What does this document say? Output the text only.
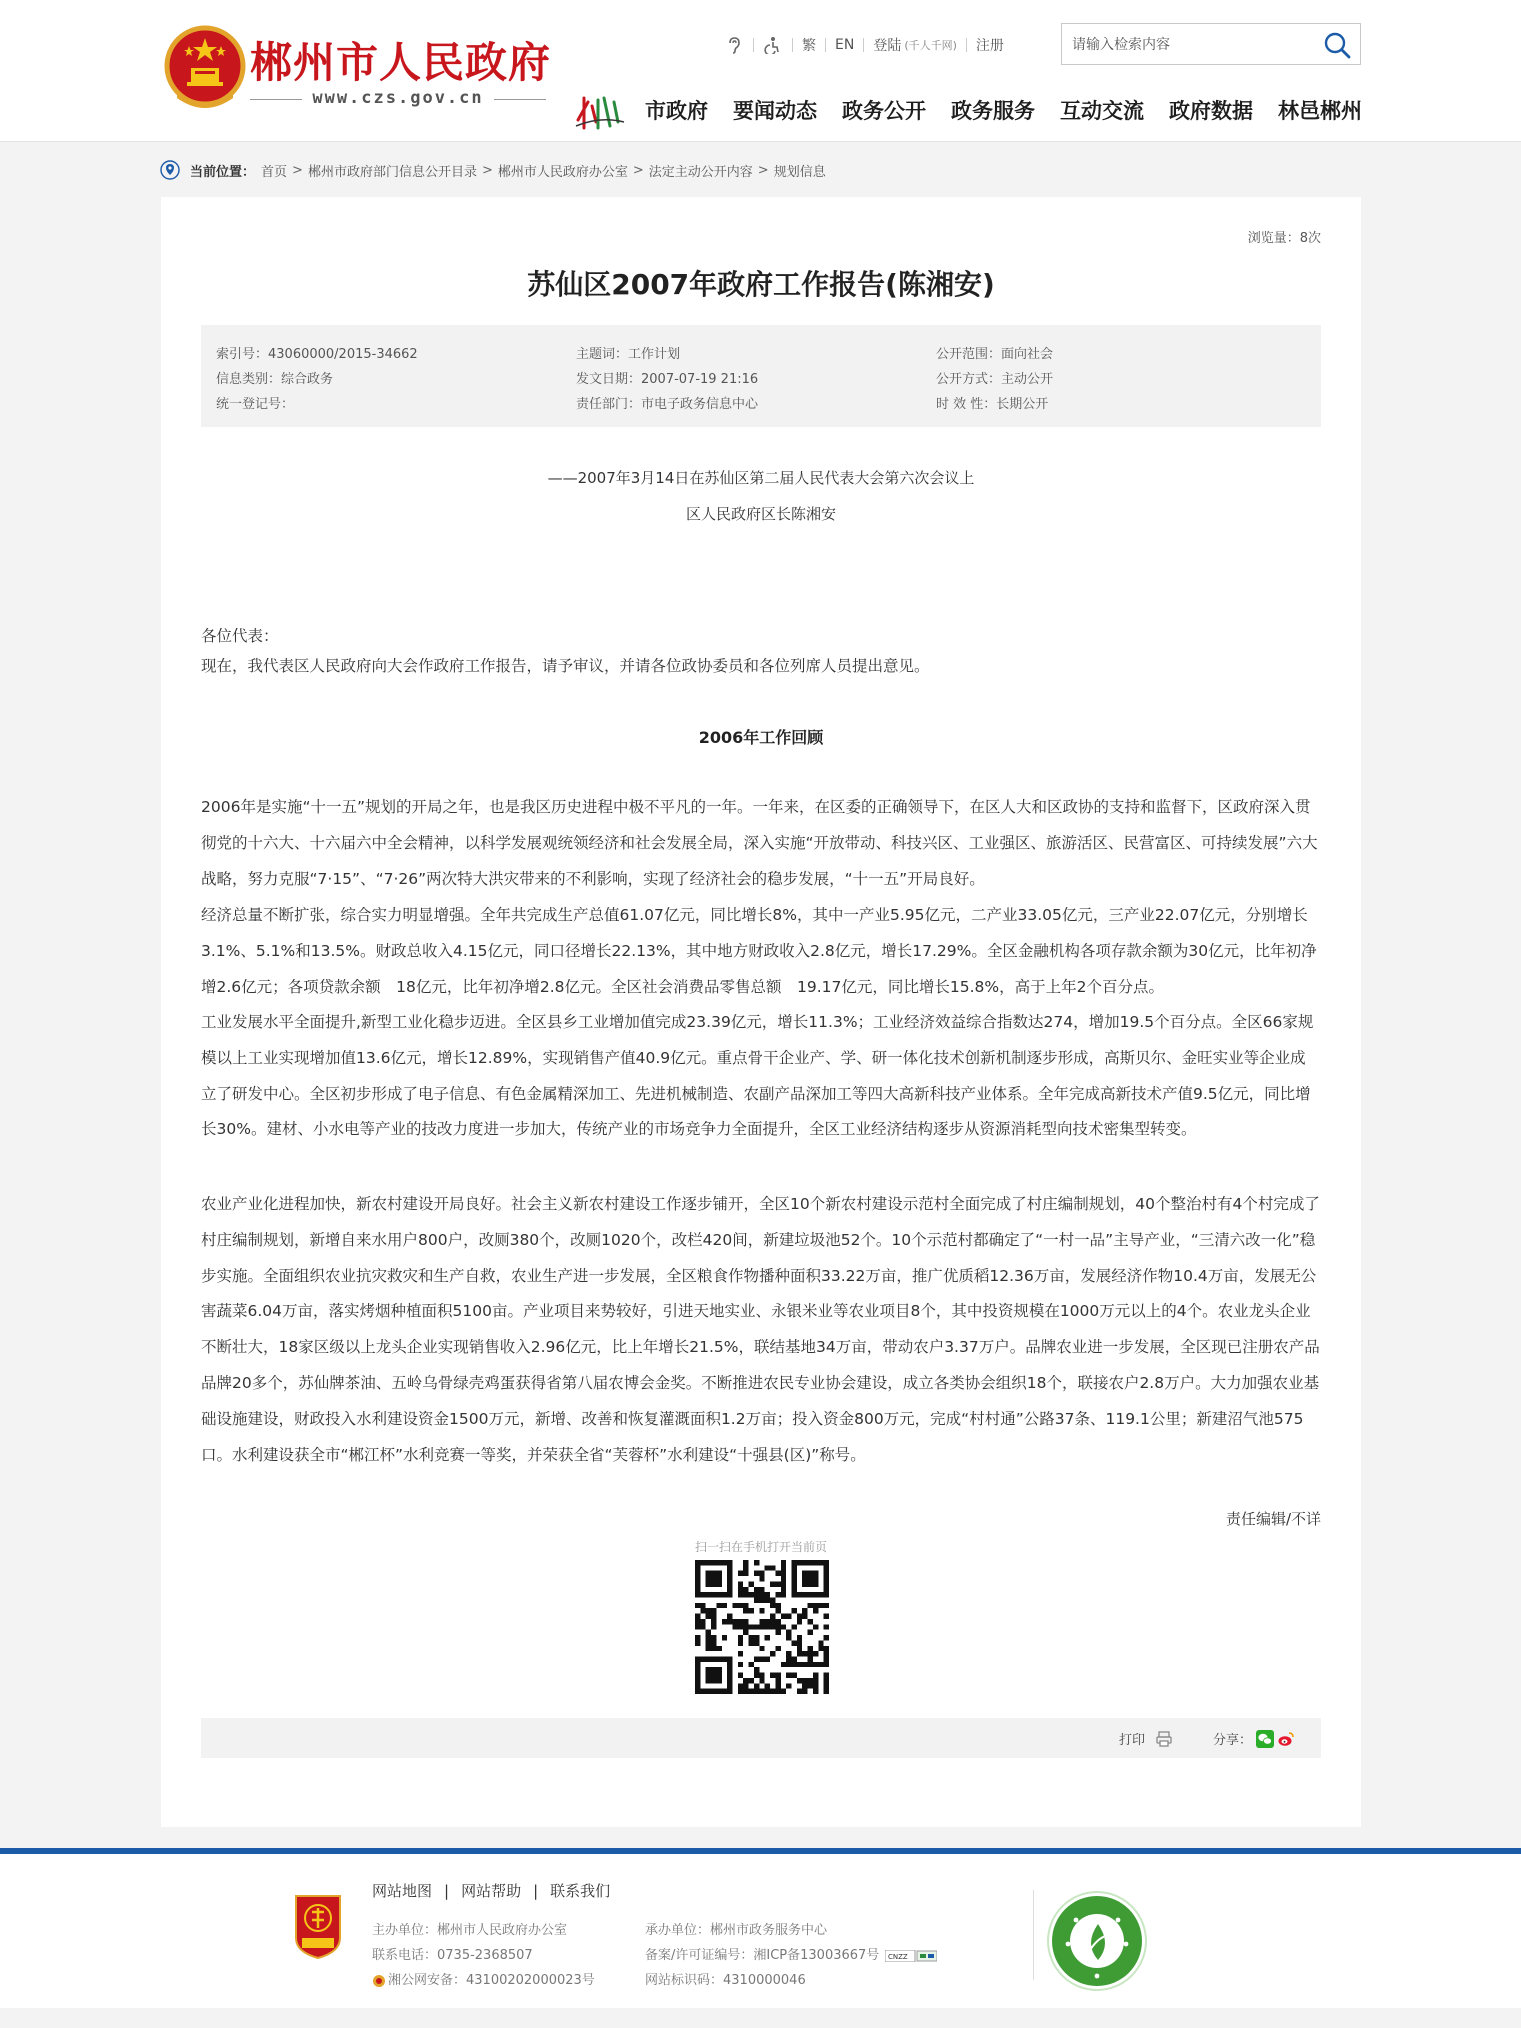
郴州市人民政府
www.czs.gov.cn
繁 EN 登陆 (千人千网) 注册
请输入检索内容
市政府 要闻动态 政务公开 政务服务 互动交流 政府数据 林邑郴州
当前位置： 首页 > 郴州市政府部门信息公开目录 > 郴州市人民政府办公室 > 法定主动公开内容 > 规划信息
浏览量：8次
苏仙区2007年政府工作报告(陈湘安)
索引号：43060000/2015-34662	主题词：工作计划	公开范围：面向社会
信息类别：综合政务	发文日期：2007-07-19 21:16	公开方式：主动公开
统一登记号：	责任部门：市电子政务信息中心	时 效 性：长期公开
——2007年3月14日在苏仙区第二届人民代表大会第六次会议上
区人民政府区长陈湘安
各位代表：
现在，我代表区人民政府向大会作政府工作报告，请予审议，并请各位政协委员和各位列席人员提出意见。
2006年工作回顾

2006年是实施“十一五”规划的开局之年，也是我区历史进程中极不平凡的一年。一年来，在区委的正确领导下，在区人大和区政协的支持和监督下，区政府深入贯彻党的十六大、十六届六中全会精神，以科学发展观统领经济和社会发展全局，深入实施“开放带动、科技兴区、工业强区、旅游活区、民营富区、可持续发展”六大战略，努力克服“7·15”、“7·26”两次特大洪灾带来的不利影响，实现了经济社会的稳步发展，“十一五”开局良好。

经济总量不断扩张，综合实力明显增强。全年共完成生产总值61.07亿元，同比增长8%，其中一产业5.95亿元，二产业33.05亿元，三产业22.07亿元，分别增长3.1%、5.1%和13.5%。财政总收入4.15亿元，同口径增长22.13%，其中地方财政收入2.8亿元，增长17.29%。全区金融机构各项存款余额为30亿元，比年初净增2.6亿元；各项贷款余额　18亿元，比年初净增2.8亿元。全区社会消费品零售总额　19.17亿元，同比增长15.8%，高于上年2个百分点。

工业发展水平全面提升,新型工业化稳步迈进。全区县乡工业增加值完成23.39亿元，增长11.3%；工业经济效益综合指数达274，增加19.5个百分点。全区66家规模以上工业实现增加值13.6亿元，增长12.89%，实现销售产值40.9亿元。重点骨干企业产、学、研一体化技术创新机制逐步形成，高斯贝尔、金旺实业等企业成立了研发中心。全区初步形成了电子信息、有色金属精深加工、先进机械制造、农副产品深加工等四大高新科技产业体系。全年完成高新技术产值9.5亿元，同比增长30%。建材、小水电等产业的技改力度进一步加大，传统产业的市场竞争力全面提升，全区工业经济结构逐步从资源消耗型向技术密集型转变。

农业产业化进程加快，新农村建设开局良好。社会主义新农村建设工作逐步铺开，全区10个新农村建设示范村全面完成了村庄编制规划，40个整治村有4个村完成了村庄编制规划，新增自来水用户800户，改厕380个，改厕1020个，改栏420间，新建垃圾池52个。10个示范村都确定了“一村一品”主导产业，“三清六改一化”稳步实施。全面组织农业抗灾救灾和生产自救，农业生产进一步发展，全区粮食作物播种面积33.22万亩，推广优质稻12.36万亩，发展经济作物10.4万亩，发展无公害蔬菜6.04万亩，落实烤烟种植面积5100亩。产业项目来势较好，引进天地实业、永银米业等农业项目8个，其中投资规模在1000万元以上的4个。农业龙头企业不断壮大，18家区级以上龙头企业实现销售收入2.96亿元，比上年增长21.5%，联结基地34万亩，带动农户3.37万户。品牌农业进一步发展，全区现已注册农产品品牌20多个，苏仙牌茶油、五岭乌骨绿壳鸡蛋获得省第八届农博会金奖。不断推进农民专业协会建设，成立各类协会组织18个，联接农户2.8万户。大力加强农业基础设施建设，财政投入水利建设资金1500万元，新增、改善和恢复灌溉面积1.2万亩；投入资金800万元，完成“村村通”公路37条、119.1公里；新建沼气池575口。水利建设获全市“郴江杯”水利竞赛一等奖，并荣获全省“芙蓉杯”水利建设“十强县(区)”称号。

责任编辑/不详
扫一扫在手机打开当前页
打印	分享：
网站地图 | 网站帮助 | 联系我们
主办单位：郴州市人民政府办公室
联系电话：0735-2368507
湘公网安备：43100202000023号
承办单位：郴州市政务服务中心
备案/许可证编号：湘ICP备13003667号 CNZZ
网站标识码：4310000046
